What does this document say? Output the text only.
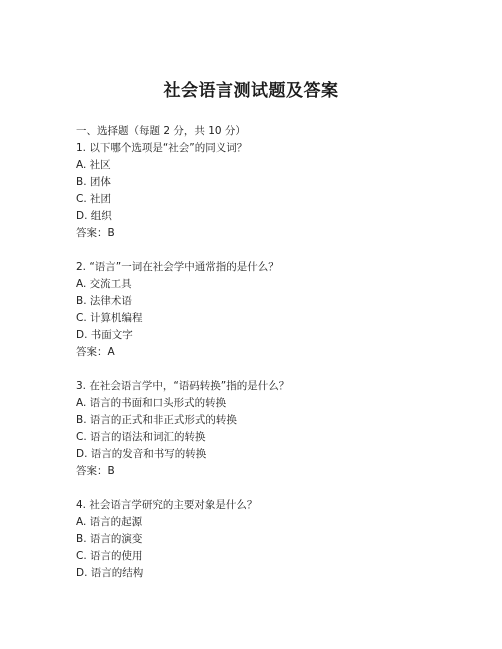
社会语言测试题及答案
一、选择题（每题 2 分，共 10 分）
1. 以下哪个选项是“社会”的同义词？
A. 社区
B. 团体
C. 社团
D. 组织
答案：B
2. “语言”一词在社会学中通常指的是什么？
A. 交流工具
B. 法律术语
C. 计算机编程
D. 书面文字
答案：A
3. 在社会语言学中，“语码转换”指的是什么？
A. 语言的书面和口头形式的转换
B. 语言的正式和非正式形式的转换
C. 语言的语法和词汇的转换
D. 语言的发音和书写的转换
答案：B
4. 社会语言学研究的主要对象是什么？
A. 语言的起源
B. 语言的演变
C. 语言的使用
D. 语言的结构
